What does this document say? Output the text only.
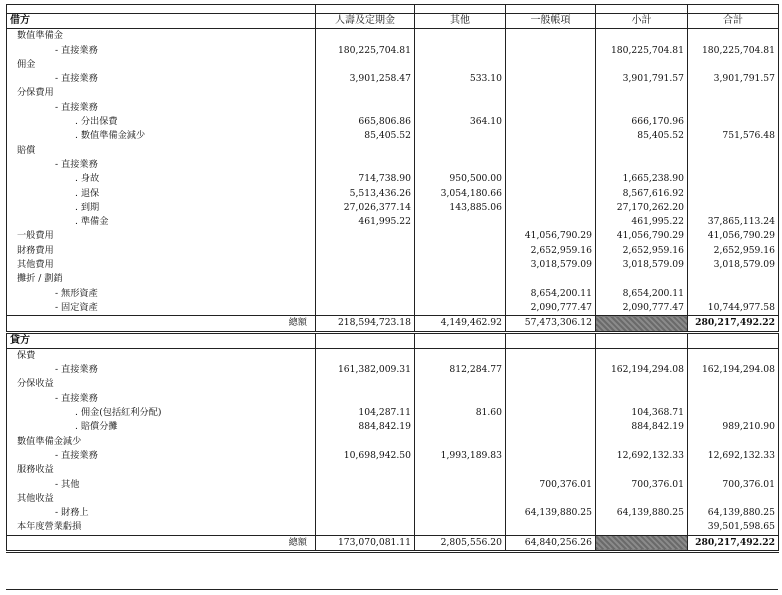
借方	人壽及定期金	其他	一般帳項	小計	合計
數值準備金					
- 直接業務	180,225,704.81			180,225,704.81	180,225,704.81
佣金					
- 直接業務	3,901,258.47	533.10		3,901,791.57	3,901,791.57
分保費用					
- 直接業務					
. 分出保費	665,806.86	364.10		666,170.96	
. 數值準備金減少	85,405.52			85,405.52	751,576.48
賠償					
- 直接業務					
. 身故	714,738.90	950,500.00		1,665,238.90	
. 退保	5,513,436.26	3,054,180.66		8,567,616.92	
. 到期	27,026,377.14	143,885.06		27,170,262.20	
. 準備金	461,995.22			461,995.22	37,865,113.24
一般費用			41,056,790.29	41,056,790.29	41,056,790.29
財務費用			2,652,959.16	2,652,959.16	2,652,959.16
其他費用			3,018,579.09	3,018,579.09	3,018,579.09
攤折 / 劃銷					
- 無形資產			8,654,200.11	8,654,200.11	
- 固定資產			2,090,777.47	2,090,777.47	10,744,977.58
總額	218,594,723.18	4,149,462.92	57,473,306.12		280,217,492.22
貸方					
保費					
- 直接業務	161,382,009.31	812,284.77		162,194,294.08	162,194,294.08
分保收益					
- 直接業務					
. 佣金(包括紅利分配)	104,287.11	81.60		104,368.71	
. 賠償分攤	884,842.19			884,842.19	989,210.90
數值準備金減少					
- 直接業務	10,698,942.50	1,993,189.83		12,692,132.33	12,692,132.33
服務收益					
- 其他			700,376.01	700,376.01	700,376.01
其他收益					
- 財務上			64,139,880.25	64,139,880.25	64,139,880.25
本年度營業虧損					39,501,598.65
總額	173,070,081.11	2,805,556.20	64,840,256.26		280,217,492.22
